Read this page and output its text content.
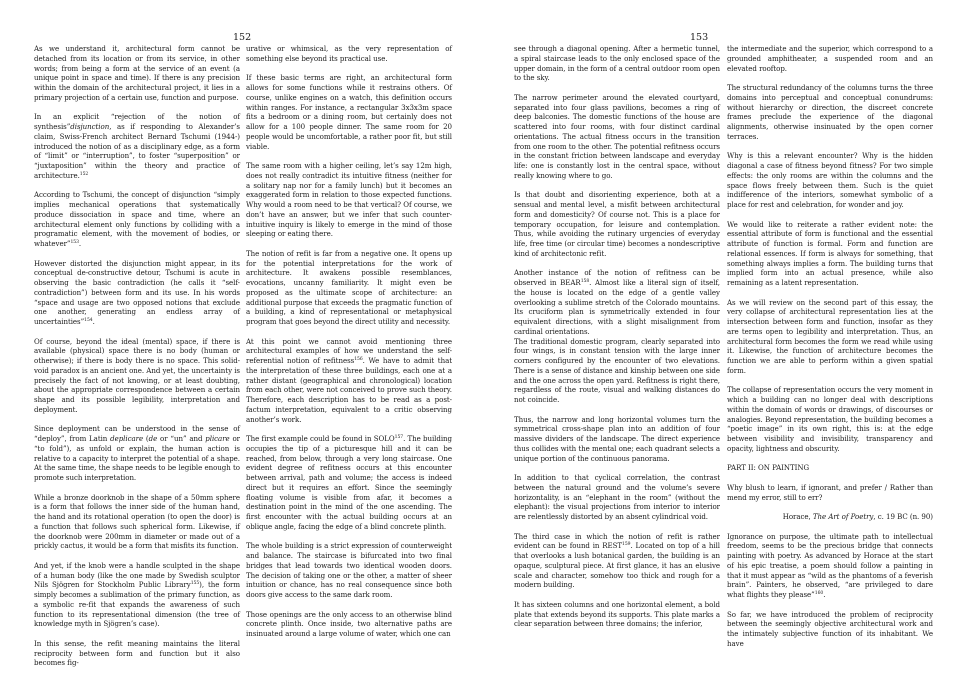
152

As we understand it, architectural form cannot be detached from its location or from its service, in other words; from being a form at the service of an event (a unique point in space and time). If there is any precision within the domain of the architectural project, it lies in a primary projection of a certain use, function and purpose.

In an explicit “rejection of the notion of synthesis”disjunction, as if responding to Alexander’s claim, Swiss-French architect Bernard Tschumi (1944-) introduced the notion of as a disciplinary edge, as a form of “limit” or “interruption”, to foster “superposition” or “juxtaposition” within the theory and practice of architecture.$^{152}$

According to Tschumi, the concept of disjunction “simply implies mechanical operations that systematically produce dissociation in space and time, where an architectural element only functions by colliding with a programatic element, with the movement of bodies, or whatever”$^{153}$.

However distorted the disjunction might appear, in its conceptual de-constructive detour, Tschumi is acute in observing the basic contradiction (he calls it “self-contradiction”) between form and its use. In his words “space and usage are two opposed notions that exclude one another, generating an endless array of uncertainties”$^{154}$.

Of course, beyond the ideal (mental) space, if there is available (physical) space there is no body (human or otherwise); if there is body there is no space. This solid-void paradox is an ancient one. And yet, the uncertainty is precisely the fact of not knowing, or at least doubting, about the appropriate correspondence between a certain shape and its possible legibility, interpretation and deployment.

Since deployment can be understood in the sense of “deploy”, from Latin deplicare (de or “un” and plicare or “to fold”), as unfold or explain, the human action is relative to a capacity to interpret the potential of a shape. At the same time, the shape needs to be legible enough to promote such interpretation.

While a bronze doorknob in the shape of a 50mm sphere is a form that follows the inner side of the human hand, the hand and its rotational operation (to open the door) is a function that follows such spherical form. Likewise, if the doorknob were 200mm in diameter or made out of a prickly cactus, it would be a form that misfits its function.

And yet, if the knob were a handle sculpted in the shape of a human body (like the one made by Swedish sculptor Nils Sjögren for Stockholm Public Library$^{155}$), the form simply becomes a sublimation of the primary function, as a symbolic re-fit that expands the awareness of such function to its representational dimension (the tree of knowledge myth in Sjögren’s case).

In this sense, the refit meaning maintains the literal reciprocity between form and function but it also becomes fig-

urative or whimsical, as the very representation of something else beyond its practical use.

If these basic terms are right, an architectural form allows for some functions while it restrains others. Of course, unlike engines on a watch, this definition occurs within ranges. For instance, a rectangular 3x3x3m space fits a bedroom or a dining room, but certainly does not allow for a 100 people dinner. The same room for 20 people would be uncomfortable, a rather poor fit, but still viable.

The same room with a higher ceiling, let’s say 12m high, does not really contradict its intuitive fitness (neither for a solitary nap nor for a family lunch) but it becomes an exaggerated form in relation to those expected functions. Why would a room need to be that vertical? Of course, we don’t have an answer, but we infer that such counter-intuitive inquiry is likely to emerge in the mind of those sleeping or eating there.

The notion of refit is far from a negative one. It opens up for the potential interpretations for the work of architecture. It awakens possible resemblances, evocations, uncanny familiarity. It might even be proposed as the ultimate scope of architecture: an additional purpose that exceeds the pragmatic function of a building, a kind of representational or metaphysical program that goes beyond the direct utility and necessity.

At this point we cannot avoid mentioning three architectural examples of how we understand the self-referential notion of refitness$^{156}$. We have to admit that the interpretation of these three buildings, each one at a rather distant (geographical and chronological) location from each other, were not conceived to prove such theory. Therefore, each description has to be read as a post-factum interpretation, equivalent to a critic observing another’s work.

The first example could be found in SOLO$^{157}$. The building occupies the tip of a picturesque hill and it can be reached, from below, through a very long staircase. One evident degree of refitness occurs at this encounter between arrival, path and volume; the access is indeed direct but it requires an effort. Since the seemingly floating volume is visible from afar, it becomes a destination point in the mind of the one ascending. The first encounter with the actual building occurs at an oblique angle, facing the edge of a blind concrete plinth.

The whole building is a strict expression of counterweight and balance. The staircase is bifurcated into two final bridges that lead towards two identical wooden doors. The decision of taking one or the other, a matter of sheer intuition or chance, has no real consequence since both doors give access to the same dark room.

Those openings are the only access to an otherwise blind concrete plinth. Once inside, two alternative paths are insinuated around a large volume of water, which one can

153

see through a diagonal opening. After a hermetic tunnel, a spiral staircase leads to the only enclosed space of the upper domain, in the form of a central outdoor room open to the sky.

The narrow perimeter around the elevated courtyard, separated into four glass pavilions, becomes a ring of deep balconies. The domestic functions of the house are scattered into four rooms, with four distinct cardinal orientations. The actual fitness occurs in the transition from one room to the other. The potential refitness occurs in the constant friction between landscape and everyday life: one is constantly lost in the central space, without really knowing where to go.

Is that doubt and disorienting experience, both at a sensual and mental level, a misfit between architectural form and domesticity? Of course not. This is a place for temporary occupation, for leisure and contemplation. Thus, while avoiding the rutinary urgencies of everyday life, free time (or circular time) becomes a nondescriptive kind of architectonic refit.

Another instance of the notion of refitness can be observed in BEAR$^{158}$. Almost like a literal sign of itself, the house is located on the edge of a gentle valley overlooking a sublime stretch of the Colorado mountains. Its cruciform plan is symmetrically extended in four equivalent directions, with a slight misalignment from cardinal orientations.

The traditional domestic program, clearly separated into four wings, is in constant tension with the large inner corners configured by the encounter of two elevations. There is a sense of distance and kinship between one side and the one across the open yard. Refitness is right there, regardless of the route, visual and walking distances do not coincide.

Thus, the narrow and long horizontal volumes turn the symmetrical cross-shape plan into an addition of four massive dividers of the landscape. The direct experience thus collides with the mental one; each quadrant selects a unique portion of the continuous panorama.

In addition to that cyclical correlation, the contrast between the natural ground and the volume’s severe horizontality, is an “elephant in the room” (without the elephant): the visual projections from interior to interior are relentlessly distorted by an absent cylindrical void.

The third case in which the notion of refit is rather evident can be found in REST$^{159}$. Located on top of a hill that overlooks a lush botanical garden, the building is an opaque, sculptural piece. At first glance, it has an elusive scale and character, somehow too thick and rough for a modern building.

It has sixteen columns and one horizontal element, a bold plate that extends beyond its supports. This plate marks a clear separation between three domains; the inferior,

the intermediate and the superior, which correspond to a grounded amphitheater, a suspended room and an elevated rooftop.

The structural redundancy of the columns turns the three domains into perceptual and conceptual conundrums: without hierarchy or direction, the discreet concrete frames preclude the experience of the diagonal alignments, otherwise insinuated by the open corner terraces.

Why is this a relevant encounter? Why is the hidden diagonal a case of fitness beyond fitness? For two simple effects: the only rooms are within the columns and the space flows freely between them. Such is the quiet indifference of the interiors, somewhat symbolic of a place for rest and celebration, for wonder and joy.

We would like to reiterate a rather evident note: the essential attribute of form is functional and the essential attribute of function is formal. Form and function are relational essences. If form is always for something, that something always implies a form. The building turns that implied form into an actual presence, while also remaining as a latent representation.

As we will review on the second part of this essay, the very collapse of architectural representation lies at the intersection between form and function, insofar as they are terms open to legibility and interpretation. Thus, an architectural form becomes the form we read while using it. Likewise, the function of architecture becomes the function we are able to perform within a given spatial form.

The collapse of representation occurs the very moment in which a building can no longer deal with descriptions within the domain of words or drawings, of discourses or analogies. Beyond representation, the building becomes a “poetic image” in its own right, this is: at the edge between visibility and invisibility, transparency and opacity, lightness and obscurity.

PART II: ON PAINTING

Why blush to learn, if ignorant, and prefer / Rather than mend my error, still to err?

Horace, The Art of Poetry, c. 19 BC (n. 90)

Ignorance on purpose, the ultimate path to intellectual freedom, seems to be the precious bridge that connects painting with poetry. As advanced by Horace at the start of his epic treatise, a poem should follow a painting in that it must appear as “wild as the phantoms of a feverish brain”. Painters, he observed, “are privileged to dare what flights they please”$^{160}$.

So far, we have introduced the problem of reciprocity between the seemingly objective architectural work and the intimately subjective function of its inhabitant. We have
